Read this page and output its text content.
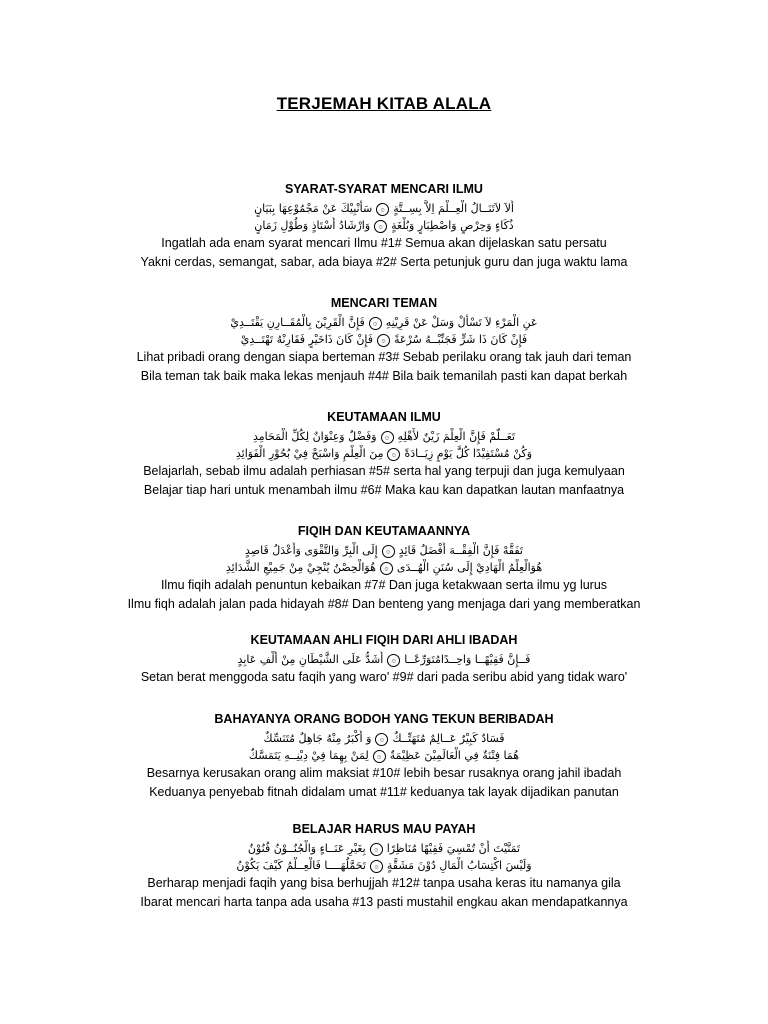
TERJEMAH KITAB ALALA

SYARAT-SYARAT MENCARI ILMU

أَلاَ لاَتَنَــالُ الْعِــلْمَ اِلاَّ بِسِــتَّةٍ۞سَأُنْبِيْكَ عَنْ مَجْمُوْعِهَا بِبَيَانٍ

ذُكَاءٍ وَحِرْصٍ وَاصْطِبَارٍ وَبُلْغَةٍ۞وَارْشَادُ أُسْتَاذٍ وَطُوْلِ زَمَانٍ

Ingatlah ada enam syarat mencari Ilmu #1# Semua akan dijelaskan satu persatu

Yakni cerdas, semangat, sabar, ada biaya #2# Serta petunjuk guru dan juga waktu lama

MENCARI TEMAN

عَنِ الْمَرْءِ لاَ تَسْأَلْ وَسَلْ عَنْ قَرِيْنِهِ۞فَإِنَّ الْقَرِيْنَ بِالْمُقَــارِنِ يَقْتَــدِيْ

فَإِنْ كَانَ ذَا شَرٍّ فَجَنِّبْــهُ سُرْعَةً۞فَإِنْ كَانَ ذَاخَيْرٍ فَقَارِنْهُ تَهْتَــدِيْ

Lihat pribadi orang dengan siapa berteman #3# Sebab perilaku orang tak jauh dari teman

Bila teman tak baik maka lekas menjauh #4# Bila baik temanilah pasti kan dapat berkah

KEUTAMAAN ILMU

تَعَــلَّمْ فَإِنَّ الْعِلْمَ زَيْنٌ لأَهْلِهِ۞وَفَضْلٌ وَعِنْوَانٌ لِكُلِّ الْمَحَامِدِ

وَكُنْ مُسْتَفِيْدًا كُلَّ يَوْمٍ زِيَــادَةً۞مِنَ الْعِلْمِ وَاسْبَحْ فِيْ بُحُوْرِ الْفَوَائِدِ

Belajarlah, sebab ilmu adalah perhiasan #5# serta hal yang terpuji dan juga kemulyaan

Belajar tiap hari untuk menambah ilmu #6# Maka kau kan dapatkan lautan manfaatnya

FIQIH DAN KEUTAMAANNYA

تَفَقَّهْ فَإِنَّ الْفِقْــهَ أَفْضَلُ قَائِدٍ۞إِلَى الْبِرِّ وَالتَّقْوَى وَأَعْدَلُ قَاصِدٍ

هُوَالْعِلْمُ الْهَادِيْ إِلَى سُنَنِ الْهُــدَى۞هُوَالْحِصْنُ يُنْجِيْ مِنْ جَمِيْعِ الشَّدَائِدِ

Ilmu fiqih adalah penuntun kebaikan #7# Dan juga ketakwaan serta ilmu yg lurus

Ilmu fiqh adalah jalan pada hidayah #8# Dan benteng yang menjaga dari yang memberatkan

KEUTAMAAN AHLI FIQIH DARI AHLI IBADAH

فَــإِنَّ فَقِيْهًــا وَاحِــدًامُتَوَرِّعًــا۞أَشَدُّ عَلَى الشَّيْطَانِ مِنْ أَلْفِ عَابِدٍ

Setan berat menggoda satu faqih yang waro' #9# dari pada seribu abid yang tidak waro'

BAHAYANYA ORANG BODOH YANG TEKUN BERIBADAH

فَسَادٌ كَبِيْرٌ عَــالِمٌ مُتَهَتِّــكٌ۞وَ أَكْبَرُ مِنْهُ جَاهِلٌ مُتَنَسِّكٌ

هُمَا فِتْنَةٌ فِي الْعَالَمِيْنَ عَظِيْمَةٌ۞لِمَنْ بِهِمَا فِيْ دِيْنِــهِ يَتَمَسَّكٌ

Besarnya kerusakan orang alim maksiat #10# lebih besar rusaknya orang jahil ibadah

Keduanya penyebab fitnah didalam umat #11# keduanya tak layak dijadikan panutan

BELAJAR HARUS MAU PAYAH

تَمَنَّيْتَ أَنْ تُمْسِيَ فَقِيْهًا مُنَاظِرًا۞بِغَيْرِ عَنَــاءٍ وَالْجُنُــوْنُ فُنُوْنٌ

وَلَيْسَ اكْتِسَابُ الْمَالِ دُوْنَ مَشَقَّةٍ۞تَحَمَّلُهَــــا فَالْعِــلْمُ كَيْفَ يَكُوْنُ

Berharap menjadi faqih yang bisa berhujjah #12# tanpa usaha keras itu namanya gila

Ibarat mencari harta tanpa ada usaha #13 pasti mustahil engkau akan mendapatkannya
